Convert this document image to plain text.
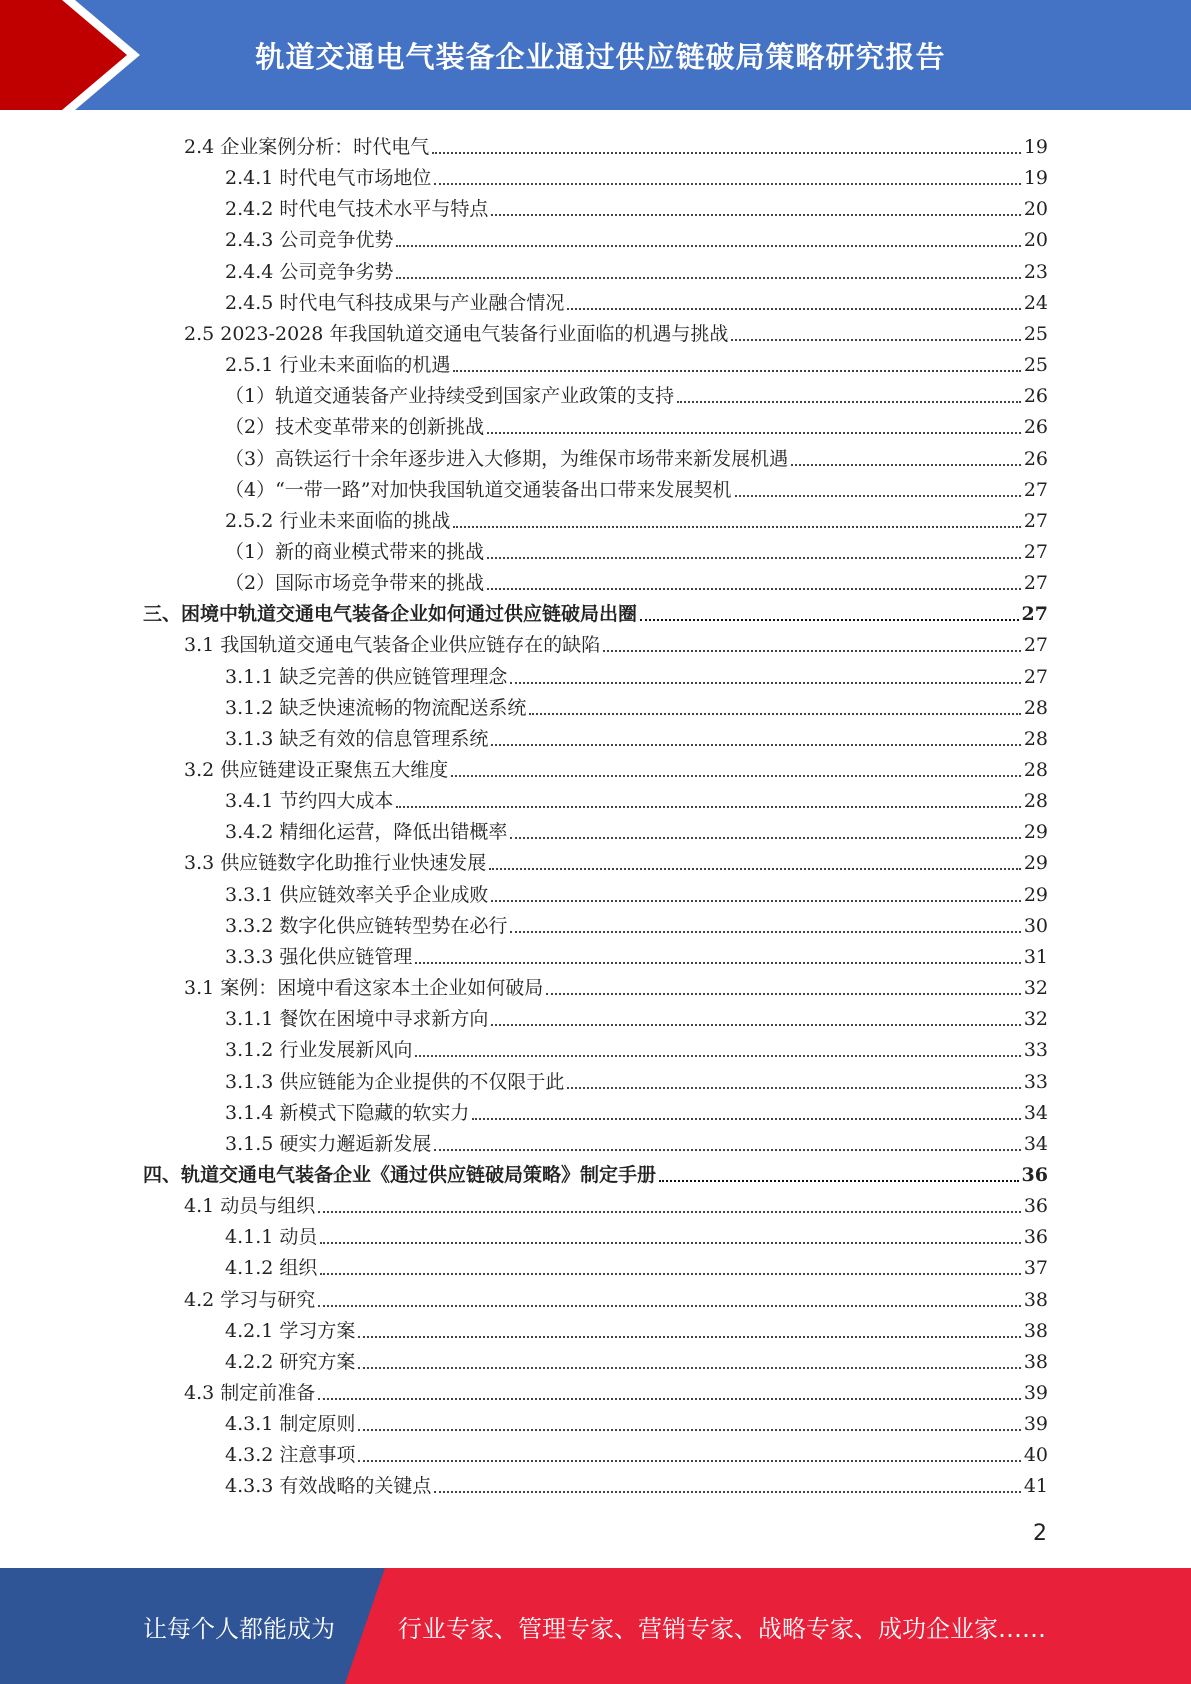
轨道交通电气装备企业通过供应链破局策略研究报告
2.4 企业案例分析：时代电气	19
2.4.1 时代电气市场地位	19
2.4.2 时代电气技术水平与特点	20
2.4.3 公司竞争优势	20
2.4.4 公司竞争劣势	23
2.4.5 时代电气科技成果与产业融合情况	24
2.5 2023-2028 年我国轨道交通电气装备行业面临的机遇与挑战	25
2.5.1 行业未来面临的机遇	25
（1）轨道交通装备产业持续受到国家产业政策的支持	26
（2）技术变革带来的创新挑战	26
（3）高铁运行十余年逐步进入大修期，为维保市场带来新发展机遇	26
（4）“一带一路”对加快我国轨道交通装备出口带来发展契机	27
2.5.2 行业未来面临的挑战	27
（1）新的商业模式带来的挑战	27
（2）国际市场竞争带来的挑战	27
三、困境中轨道交通电气装备企业如何通过供应链破局出圈	27
3.1 我国轨道交通电气装备企业供应链存在的缺陷	27
3.1.1 缺乏完善的供应链管理理念	27
3.1.2 缺乏快速流畅的物流配送系统	28
3.1.3 缺乏有效的信息管理系统	28
3.2 供应链建设正聚焦五大维度	28
3.4.1 节约四大成本	28
3.4.2 精细化运营，降低出错概率	29
3.3 供应链数字化助推行业快速发展	29
3.3.1 供应链效率关乎企业成败	29
3.3.2 数字化供应链转型势在必行	30
3.3.3 强化供应链管理	31
3.1 案例：困境中看这家本土企业如何破局	32
3.1.1 餐饮在困境中寻求新方向	32
3.1.2 行业发展新风向	33
3.1.3 供应链能为企业提供的不仅限于此	33
3.1.4 新模式下隐藏的软实力	34
3.1.5 硬实力邂逅新发展	34
四、轨道交通电气装备企业《通过供应链破局策略》制定手册	36
4.1 动员与组织	36
4.1.1 动员	36
4.1.2 组织	37
4.2 学习与研究	38
4.2.1 学习方案	38
4.2.2 研究方案	38
4.3 制定前准备	39
4.3.1 制定原则	39
4.3.2 注意事项	40
4.3.3 有效战略的关键点	41
2
让每个人都能成为	行业专家、管理专家、营销专家、战略专家、成功企业家……
